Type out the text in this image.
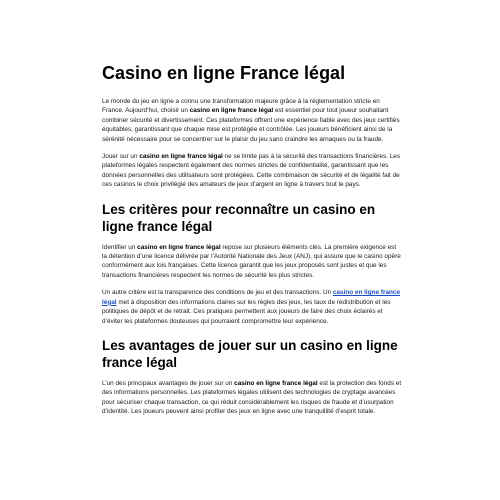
Casino en ligne France légal

Le monde du jeu en ligne a connu une transformation majeure grâce à la réglementation stricte en France. Aujourd’hui, choisir un casino en ligne france légal est essentiel pour tout joueur souhaitant combiner sécurité et divertissement. Ces plateformes offrent une expérience fiable avec des jeux certifiés équitables, garantissant que chaque mise est protégée et contrôlée. Les joueurs bénéficient ainsi de la sérénité nécessaire pour se concentrer sur le plaisir du jeu sans craindre les arnaques ou la fraude.

Jouer sur un casino en ligne france légal ne se limite pas à la sécurité des transactions financières. Les plateformes légales respectent également des normes strictes de confidentialité, garantissant que les données personnelles des utilisateurs sont protégées. Cette combinaison de sécurité et de légalité fait de ces casinos le choix privilégié des amateurs de jeux d’argent en ligne à travers tout le pays.

Les critères pour reconnaître un casino en ligne france légal

Identifier un casino en ligne france légal repose sur plusieurs éléments clés. La première exigence est la détention d’une licence délivrée par l’Autorité Nationale des Jeux (ANJ), qui assure que le casino opère conformément aux lois françaises. Cette licence garantit que les jeux proposés sont justes et que les transactions financières respectent les normes de sécurité les plus strictes.

Un autre critère est la transparence des conditions de jeu et des transactions. Un casino en ligne france légal met à disposition des informations claires sur les règles des jeux, les taux de redistribution et les politiques de dépôt et de retrait. Ces pratiques permettent aux joueurs de faire des choix éclairés et d’éviter les plateformes douteuses qui pourraient compromettre leur expérience.

Les avantages de jouer sur un casino en ligne france légal

L’un des principaux avantages de jouer sur un casino en ligne france légal est la protection des fonds et des informations personnelles. Les plateformes légales utilisent des technologies de cryptage avancées pour sécuriser chaque transaction, ce qui réduit considérablement les risques de fraude et d’usurpation d’identité. Les joueurs peuvent ainsi profiter des jeux en ligne avec une tranquillité d’esprit totale.
